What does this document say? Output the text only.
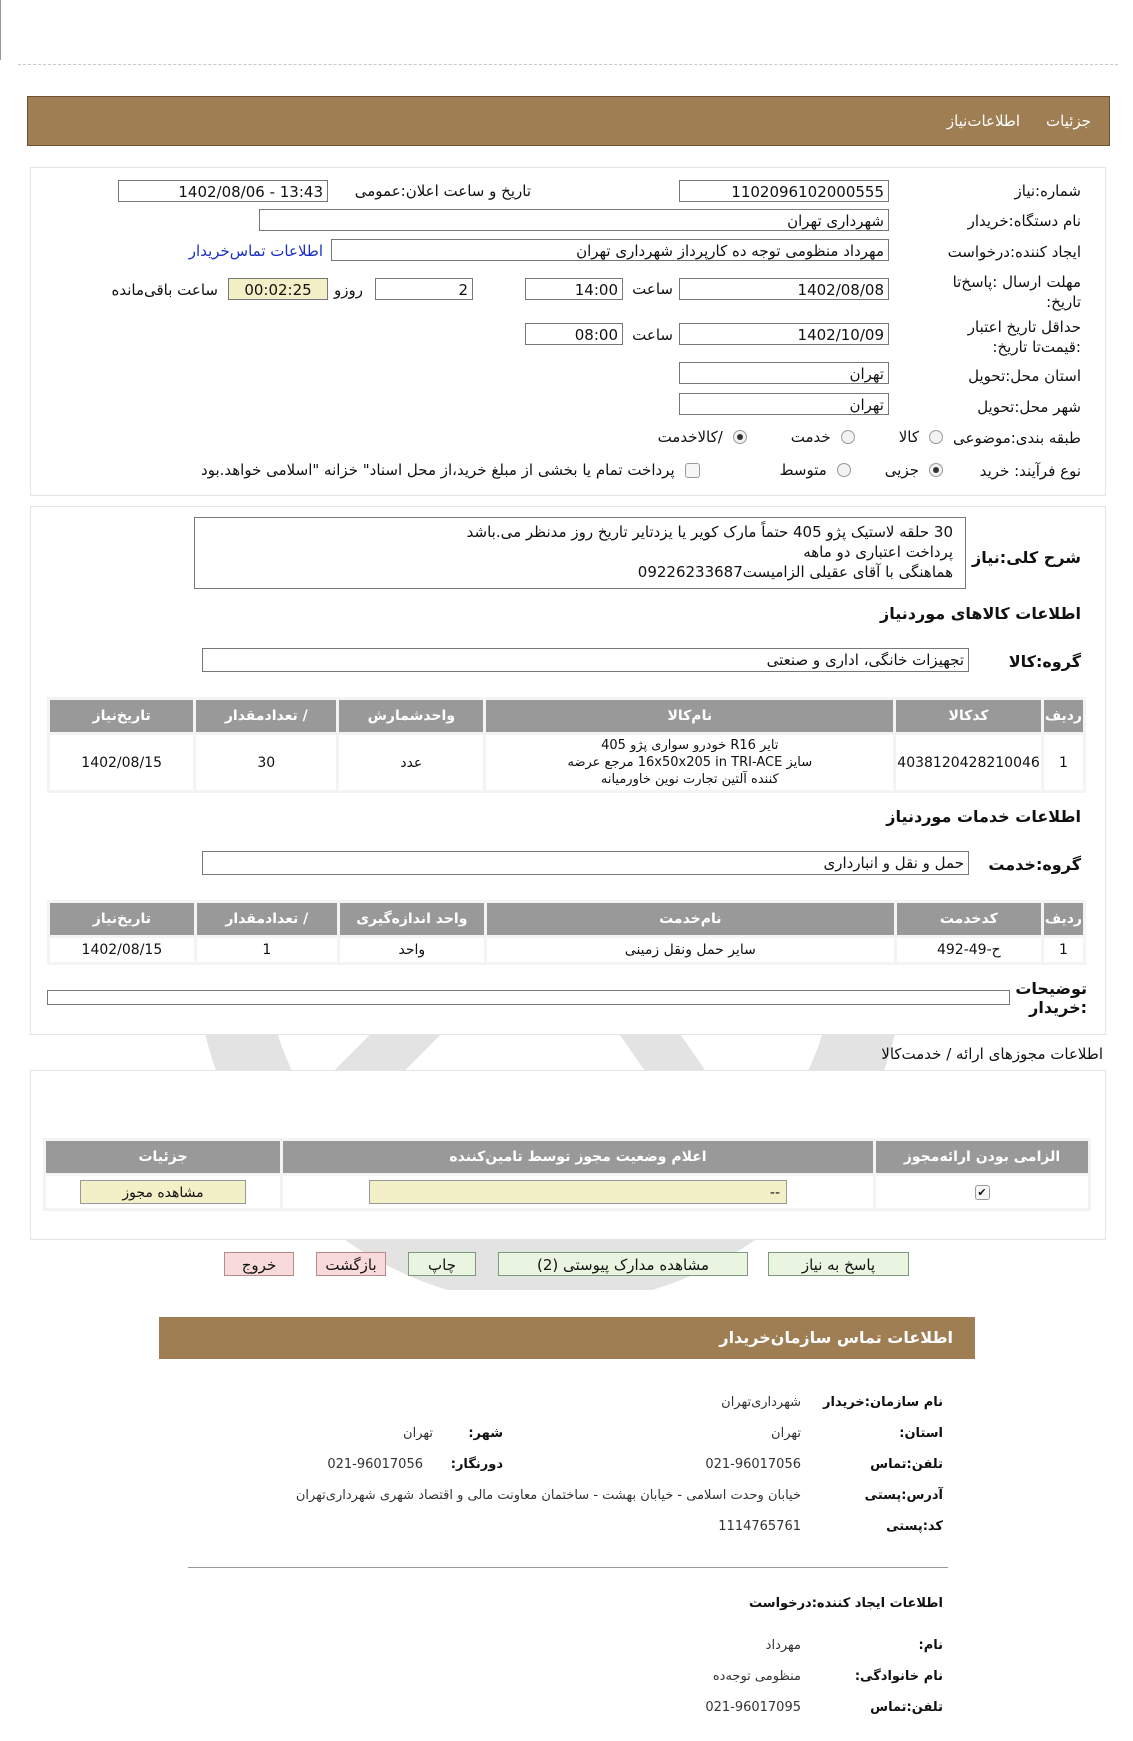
جزئیات
اطلاعات‌نیاز
شماره:نیاز
1102096102000555
تاریخ و ساعت اعلان:عمومی
1402/08/06 - 13:43
نام دستگاه:خریدار
شهرداری تهران
ایجاد کننده:درخواست
مهرداد منظومی توجه ده کارپرداز شهرداری تهران
اطلاعات تماس‌خریدار
مهلت ارسال :پاسخ‌تا تاریخ:
1402/08/08
ساعت
14:00
2
روزو
00:02:25
ساعت باقی‌مانده
حداقل تاریخ اعتبار :قیمت‌تا تاریخ:
1402/10/09
ساعت
08:00
استان محل:تحویل
تهران
شهر محل:تحویل
تهران
طبقه بندی:موضوعی
کالا
خدمت
/کالاخدمت
نوع فرآیند: خرید
جزیی
متوسط
پرداخت تمام یا بخشی از مبلغ خرید،از محل اسناد" خزانه "اسلامی خواهد.بود
شرح کلی:نیاز
30 حلقه لاستیک پژو 405 حتماً مارک کویر یا یزدتایر تاریخ روز مدنظر می.باشد
پرداخت اعتباری دو ماهه
هماهنگی با آقای عقیلی الزامیست09226233687
اطلاعات کالاهای موردنیاز
گروه:کالا
تجهیزات خانگی، اداری و صنعتی
ردیف	کدکالا	نام‌کالا	واحدشمارش	/ تعدادمقدار	تاریخ‌نیاز
1	4038120428210046	تایر R16 خودرو سواری پژو 405
سایز 16x50x205 in TRI-ACE مرجع عرضه
کننده آلتین تجارت نوین خاورمیانه	عدد	30	1402/08/15
اطلاعات خدمات موردنیاز
گروه:خدمت
حمل و نقل و انبارداری
ردیف	کدخدمت	نام‌خدمت	واحد اندازه‌گیری	/ تعدادمقدار	تاریخ‌نیاز
1	ح-49-492	سایر حمل ونقل زمینی	واحد	1	1402/08/15
توضیحات :خریدار
اطلاعات مجوزهای ارائه / خدمت‌کالا
الزامی بودن ارائه‌مجوز	اعلام وضعیت مجوز توسط تامین‌کننده	جزئیات
✔	--	مشاهده مجوز
پاسخ به نیاز
مشاهده مدارک پیوستی (2)
چاپ
بازگشت
خروج
اطلاعات تماس سازمان‌خریدار
نام سازمان:خریدار
شهرداری‌تهران
استان:
تهران
شهر:
تهران
تلفن:تماس
021-96017056
دورنگار:
021-96017056
آدرس:پستی
خیابان وحدت اسلامی - خیابان بهشت - ساختمان معاونت مالی و اقتصاد شهری شهرداری‌تهران
کد:پستی
1114765761
اطلاعات ایجاد کننده:درخواست
نام:
مهرداد
نام خانوادگی:
منظومی توجه‌ده
تلفن:تماس
021-96017095
